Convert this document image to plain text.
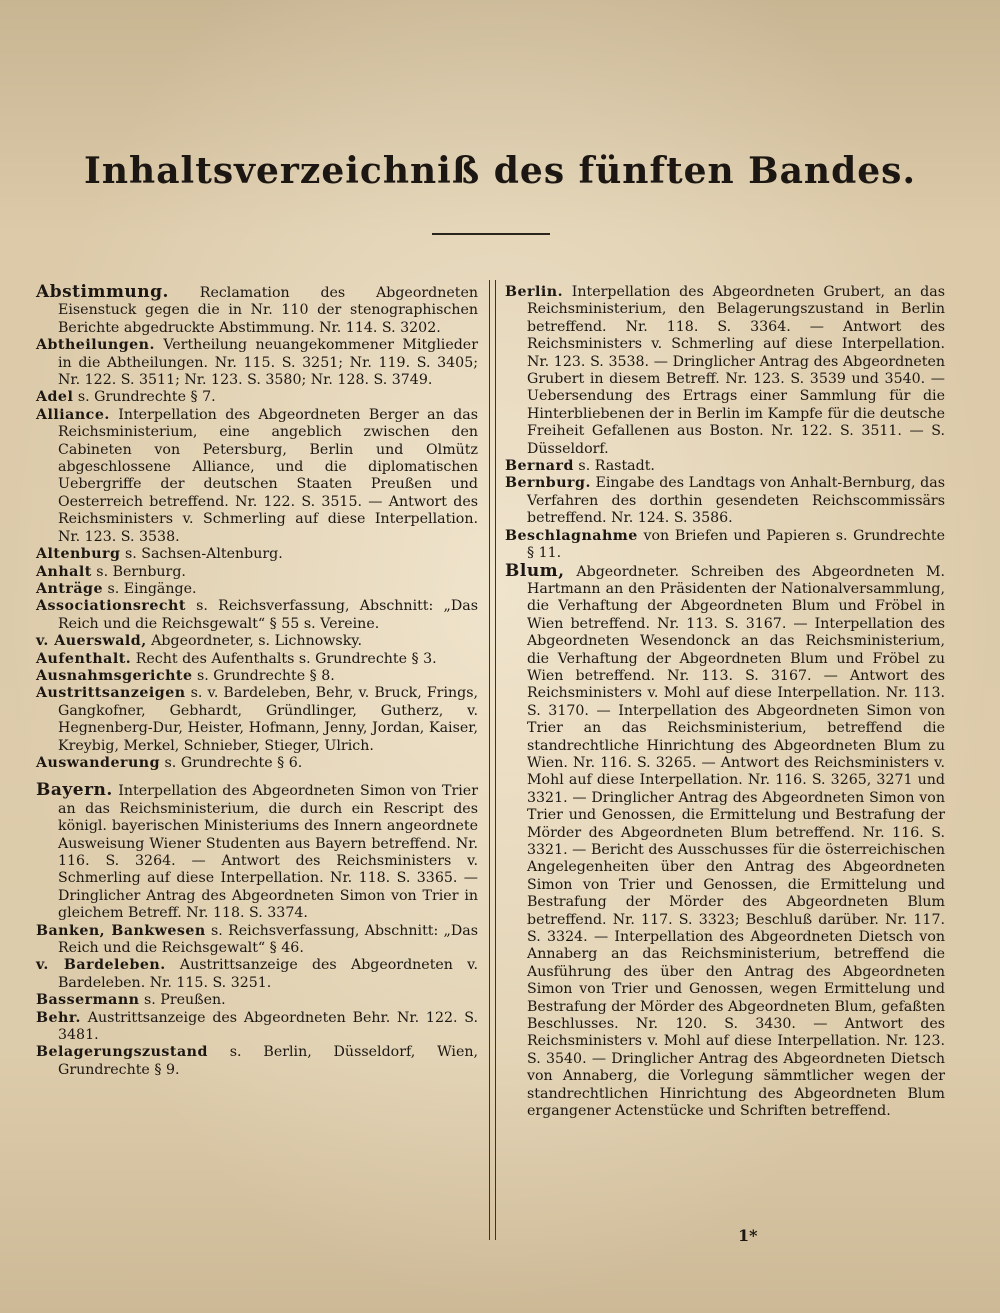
Inhaltsverzeichniß des fünften Bandes.

Abstimmung. Reclamation des Abgeordneten Eisenstuck gegen die in Nr. 110 der stenographischen Berichte abgedruckte Abstimmung. Nr. 114. S. 3202.

Abtheilungen. Vertheilung neuangekommener Mitglieder in die Abtheilungen. Nr. 115. S. 3251; Nr. 119. S. 3405; Nr. 122. S. 3511; Nr. 123. S. 3580; Nr. 128. S. 3749.

Adel s. Grundrechte § 7.

Alliance. Interpellation des Abgeordneten Berger an das Reichsministerium, eine angeblich zwischen den Cabineten von Petersburg, Berlin und Olmütz abgeschlossene Alliance, und die diplomatischen Uebergriffe der deutschen Staaten Preußen und Oesterreich betreffend. Nr. 122. S. 3515. — Antwort des Reichsministers v. Schmerling auf diese Interpellation. Nr. 123. S. 3538.

Altenburg s. Sachsen-Altenburg.

Anhalt s. Bernburg.

Anträge s. Eingänge.

Associationsrecht s. Reichsverfassung, Abschnitt: „Das Reich und die Reichsgewalt“ § 55 s. Vereine.

v. Auerswald, Abgeordneter, s. Lichnowsky.

Aufenthalt. Recht des Aufenthalts s. Grundrechte § 3.

Ausnahmsgerichte s. Grundrechte § 8.

Austrittsanzeigen s. v. Bardeleben, Behr, v. Bruck, Frings, Gangkofner, Gebhardt, Gründlinger, Gutherz, v. Hegnenberg-Dur, Heister, Hofmann, Jenny, Jordan, Kaiser, Kreybig, Merkel, Schnieber, Stieger, Ulrich.

Auswanderung s. Grundrechte § 6.

Bayern. Interpellation des Abgeordneten Simon von Trier an das Reichsministerium, die durch ein Rescript des königl. bayerischen Ministeriums des Innern angeordnete Ausweisung Wiener Studenten aus Bayern betreffend. Nr. 116. S. 3264. — Antwort des Reichsministers v. Schmerling auf diese Interpellation. Nr. 118. S. 3365. — Dringlicher Antrag des Abgeordneten Simon von Trier in gleichem Betreff. Nr. 118. S. 3374.

Banken, Bankwesen s. Reichsverfassung, Abschnitt: „Das Reich und die Reichsgewalt“ § 46.

v. Bardeleben. Austrittsanzeige des Abgeordneten v. Bardeleben. Nr. 115. S. 3251.

Bassermann s. Preußen.

Behr. Austrittsanzeige des Abgeordneten Behr. Nr. 122. S. 3481.

Belagerungszustand s. Berlin, Düsseldorf, Wien, Grundrechte § 9.

Berlin. Interpellation des Abgeordneten Grubert, an das Reichsministerium, den Belagerungszustand in Berlin betreffend. Nr. 118. S. 3364. — Antwort des Reichsministers v. Schmerling auf diese Interpellation. Nr. 123. S. 3538. — Dringlicher Antrag des Abgeordneten Grubert in diesem Betreff. Nr. 123. S. 3539 und 3540. — Uebersendung des Ertrags einer Sammlung für die Hinterbliebenen der in Berlin im Kampfe für die deutsche Freiheit Gefallenen aus Boston. Nr. 122. S. 3511. — S. Düsseldorf.

Bernard s. Rastadt.

Bernburg. Eingabe des Landtags von Anhalt-Bernburg, das Verfahren des dorthin gesendeten Reichscommissärs betreffend. Nr. 124. S. 3586.

Beschlagnahme von Briefen und Papieren s. Grundrechte § 11.

Blum, Abgeordneter. Schreiben des Abgeordneten M. Hartmann an den Präsidenten der Nationalversammlung, die Verhaftung der Abgeordneten Blum und Fröbel in Wien betreffend. Nr. 113. S. 3167. — Interpellation des Abgeordneten Wesendonck an das Reichsministerium, die Verhaftung der Abgeordneten Blum und Fröbel zu Wien betreffend. Nr. 113. S. 3167. — Antwort des Reichsministers v. Mohl auf diese Interpellation. Nr. 113. S. 3170. — Interpellation des Abgeordneten Simon von Trier an das Reichsministerium, betreffend die standrechtliche Hinrichtung des Abgeordneten Blum zu Wien. Nr. 116. S. 3265. — Antwort des Reichsministers v. Mohl auf diese Interpellation. Nr. 116. S. 3265, 3271 und 3321. — Dringlicher Antrag des Abgeordneten Simon von Trier und Genossen, die Ermittelung und Bestrafung der Mörder des Abgeordneten Blum betreffend. Nr. 116. S. 3321. — Bericht des Ausschusses für die österreichischen Angelegenheiten über den Antrag des Abgeordneten Simon von Trier und Genossen, die Ermittelung und Bestrafung der Mörder des Abgeordneten Blum betreffend. Nr. 117. S. 3323; Beschluß darüber. Nr. 117. S. 3324. — Interpellation des Abgeordneten Dietsch von Annaberg an das Reichsministerium, betreffend die Ausführung des über den Antrag des Abgeordneten Simon von Trier und Genossen, wegen Ermittelung und Bestrafung der Mörder des Abgeordneten Blum, gefaßten Beschlusses. Nr. 120. S. 3430. — Antwort des Reichsministers v. Mohl auf diese Interpellation. Nr. 123. S. 3540. — Dringlicher Antrag des Abgeordneten Dietsch von Annaberg, die Vorlegung sämmtlicher wegen der standrechtlichen Hinrichtung des Abgeordneten Blum ergangener Actenstücke und Schriften betreffend.

1*
